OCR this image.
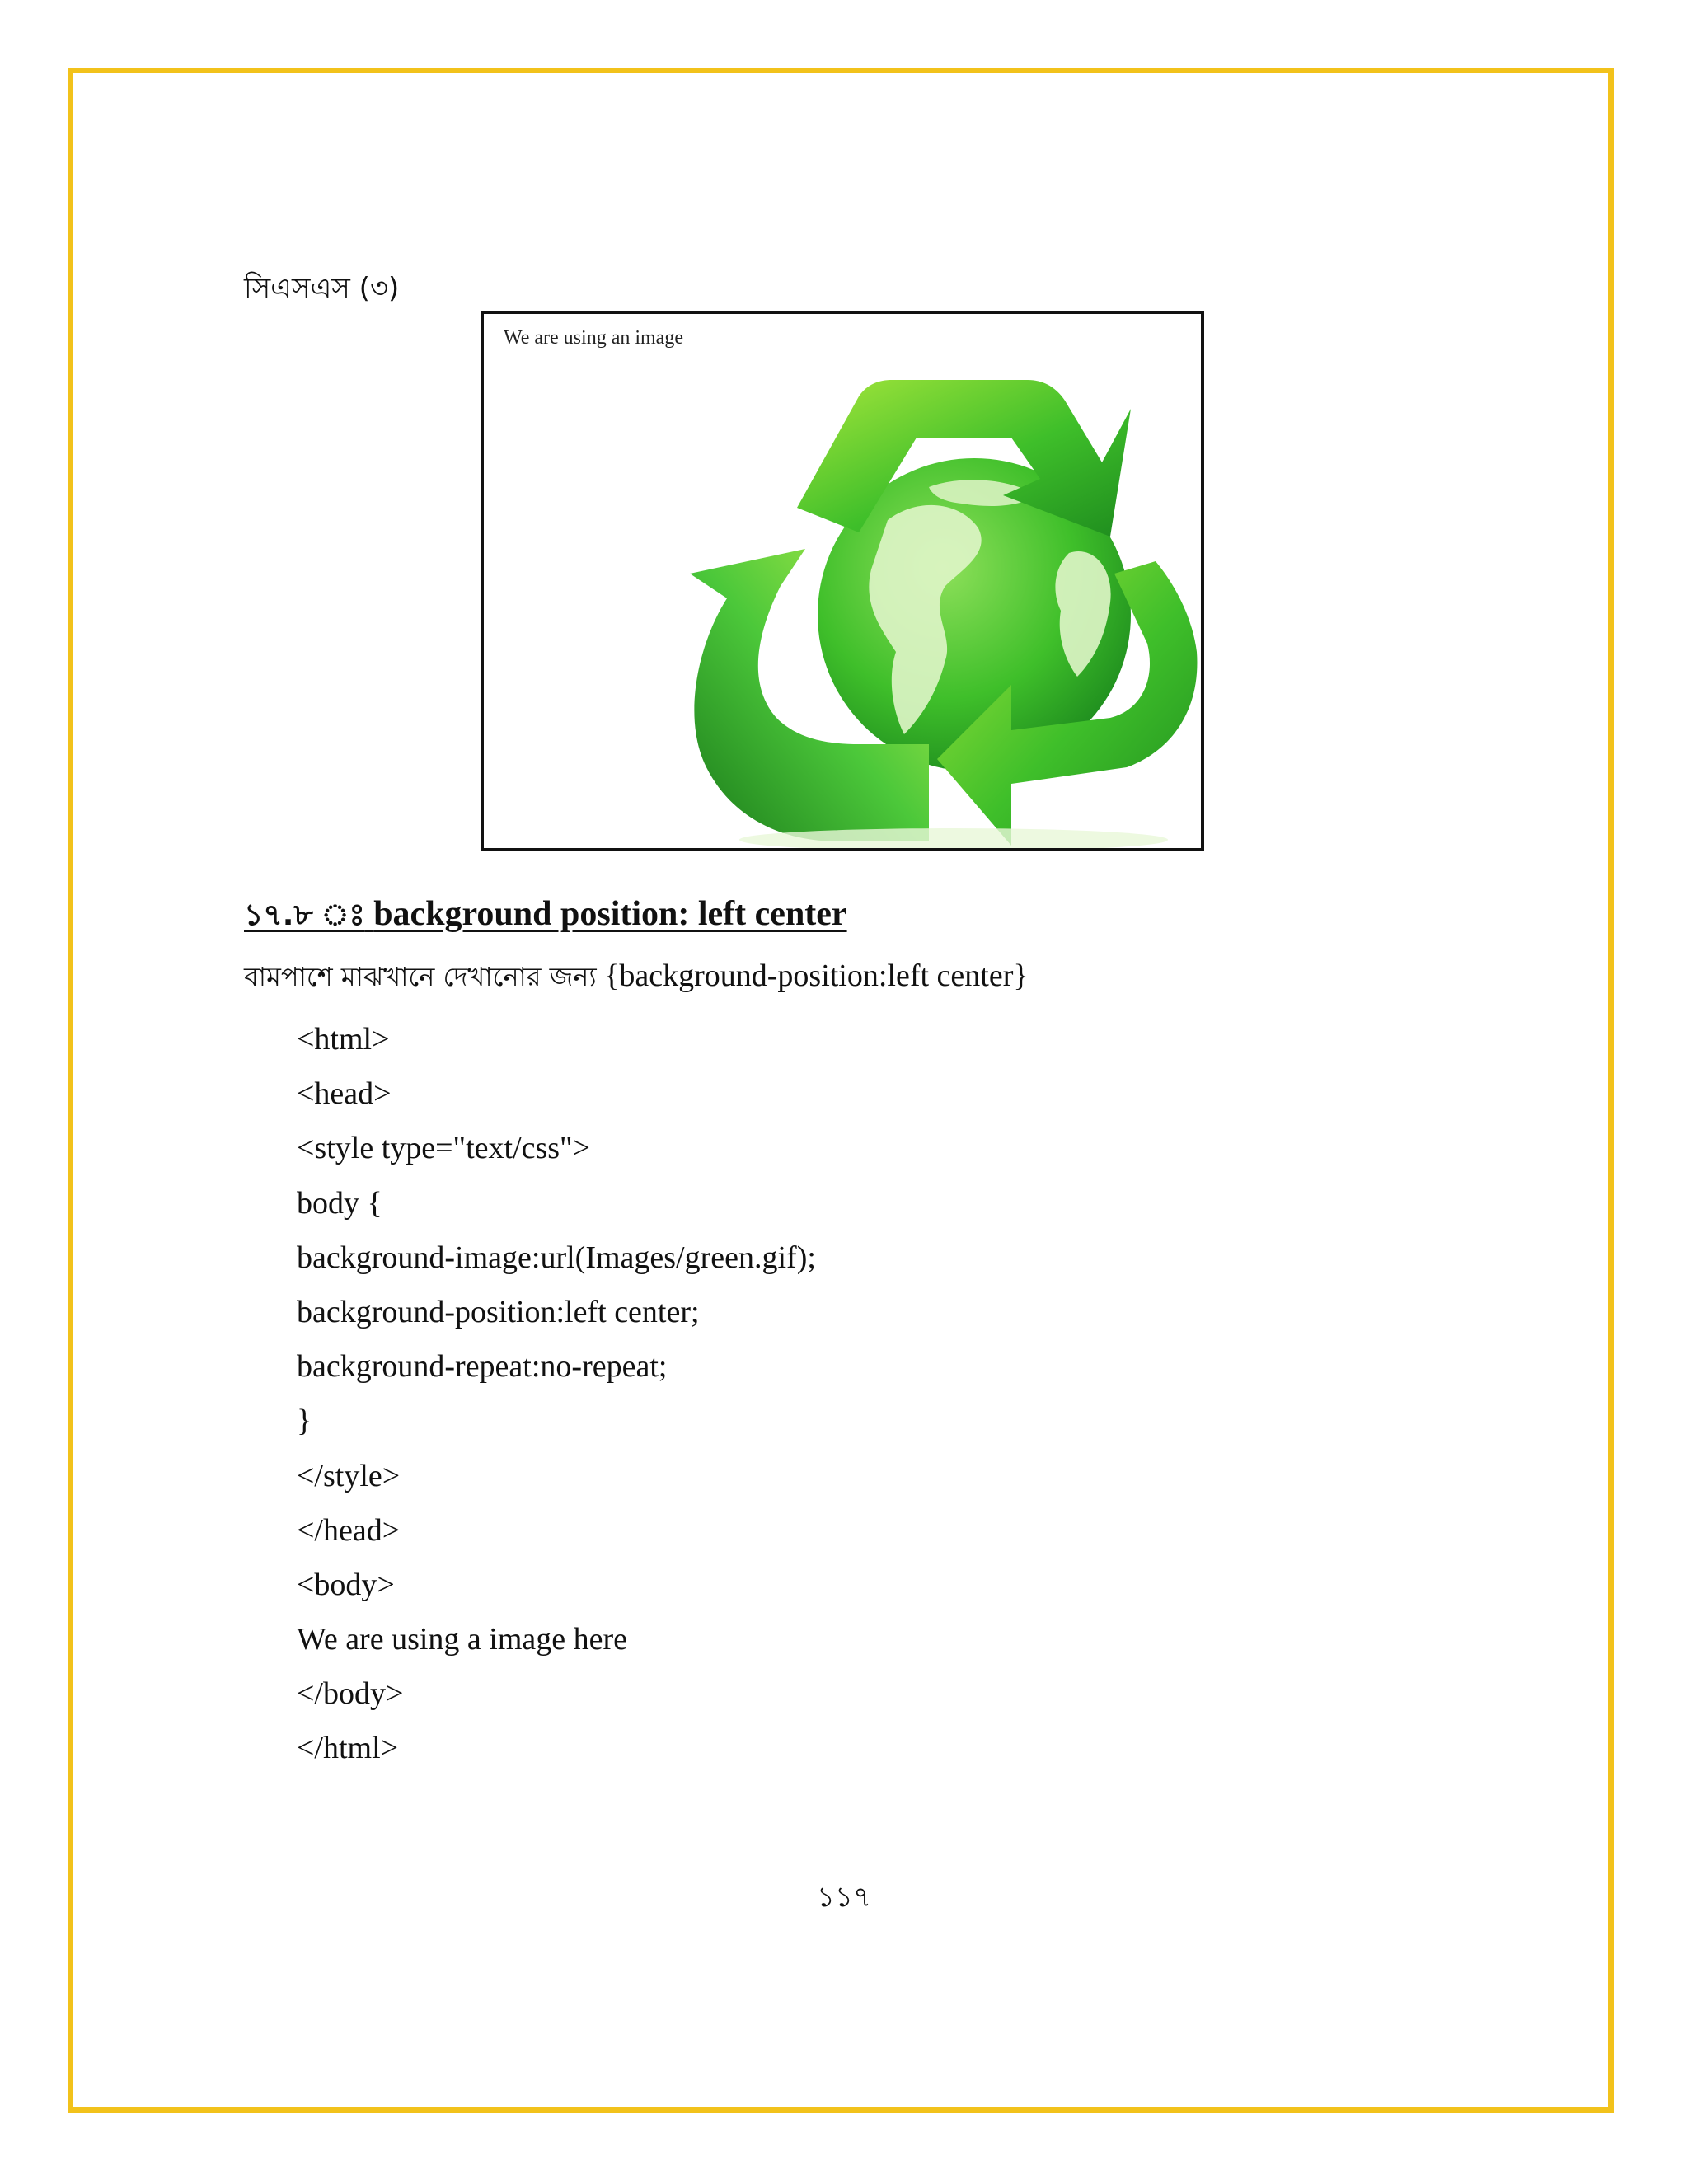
সিএসএস (৩)
We are using an image
১৭.৮ ঃ background position: left center
বামপাশে মাঝখানে দেখানোর জন্য {background-position:left center}
<html>
<head>
<style type="text/css">
body {
background-image:url(Images/green.gif);
background-position:left center;
background-repeat:no-repeat;
}
</style>
</head>
<body>
We are using a image here
</body>
</html>
১১৭
